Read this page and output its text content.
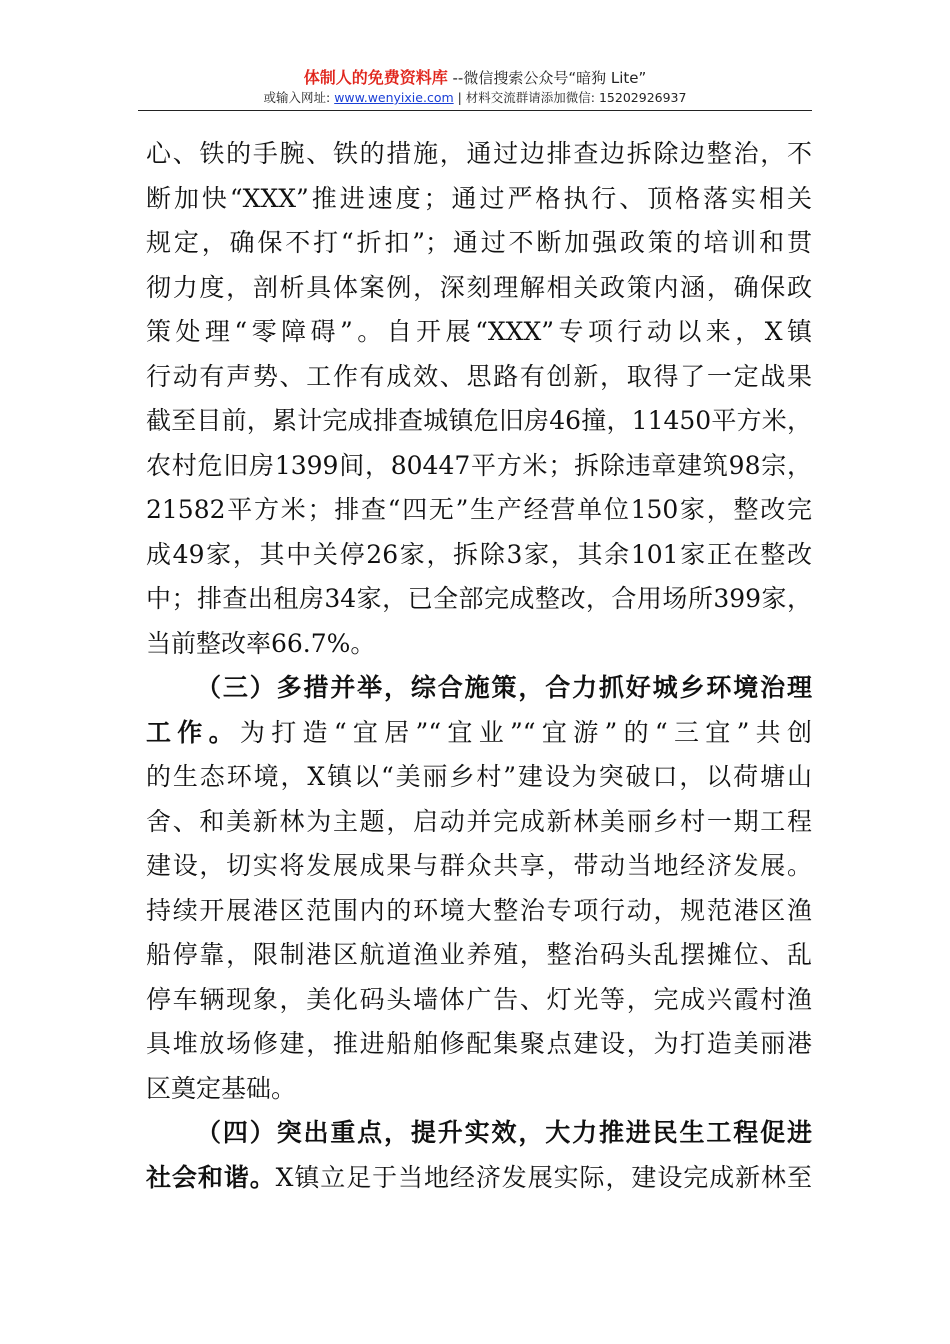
体制人的免费资料库 --微信搜索公众号“暗狗 Lite”
或输入网址: www.wenyixie.com | 材料交流群请添加微信: 15202926937

心、铁的手腕、铁的措施，通过边排查边拆除边整治，不
断加快“XXX”推进速度；通过严格执行、顶格落实相关
规定，确保不打“折扣”；通过不断加强政策的培训和贯
彻力度，剖析具体案例，深刻理解相关政策内涵，确保政
策处理“零障碍”。自开展“XXX”专项行动以来，X镇
行动有声势、工作有成效、思路有创新，取得了一定战果
截至目前，累计完成排查城镇危旧房46撞，11450平方米，
农村危旧房1399间，80447平方米；拆除违章建筑98宗，
21582平方米；排查“四无”生产经营单位150家，整改完
成49家，其中关停26家，拆除3家，其余101家正在整改
中；排查出租房34家，已全部完成整改，合用场所399家，
当前整改率66.7%。

（三）多措并举，综合施策，合力抓好城乡环境治理
工作。为打造“宜居”“宜业”“宜游”的“三宜”共创
的生态环境，X镇以“美丽乡村”建设为突破口，以荷塘山
舍、和美新林为主题，启动并完成新林美丽乡村一期工程
建设，切实将发展成果与群众共享，带动当地经济发展。
持续开展港区范围内的环境大整治专项行动，规范港区渔
船停靠，限制港区航道渔业养殖，整治码头乱摆摊位、乱
停车辆现象，美化码头墙体广告、灯光等，完成兴霞村渔
具堆放场修建，推进船舶修配集聚点建设，为打造美丽港
区奠定基础。

（四）突出重点，提升实效，大力推进民生工程促进
社会和谐。X镇立足于当地经济发展实际，建设完成新林至
